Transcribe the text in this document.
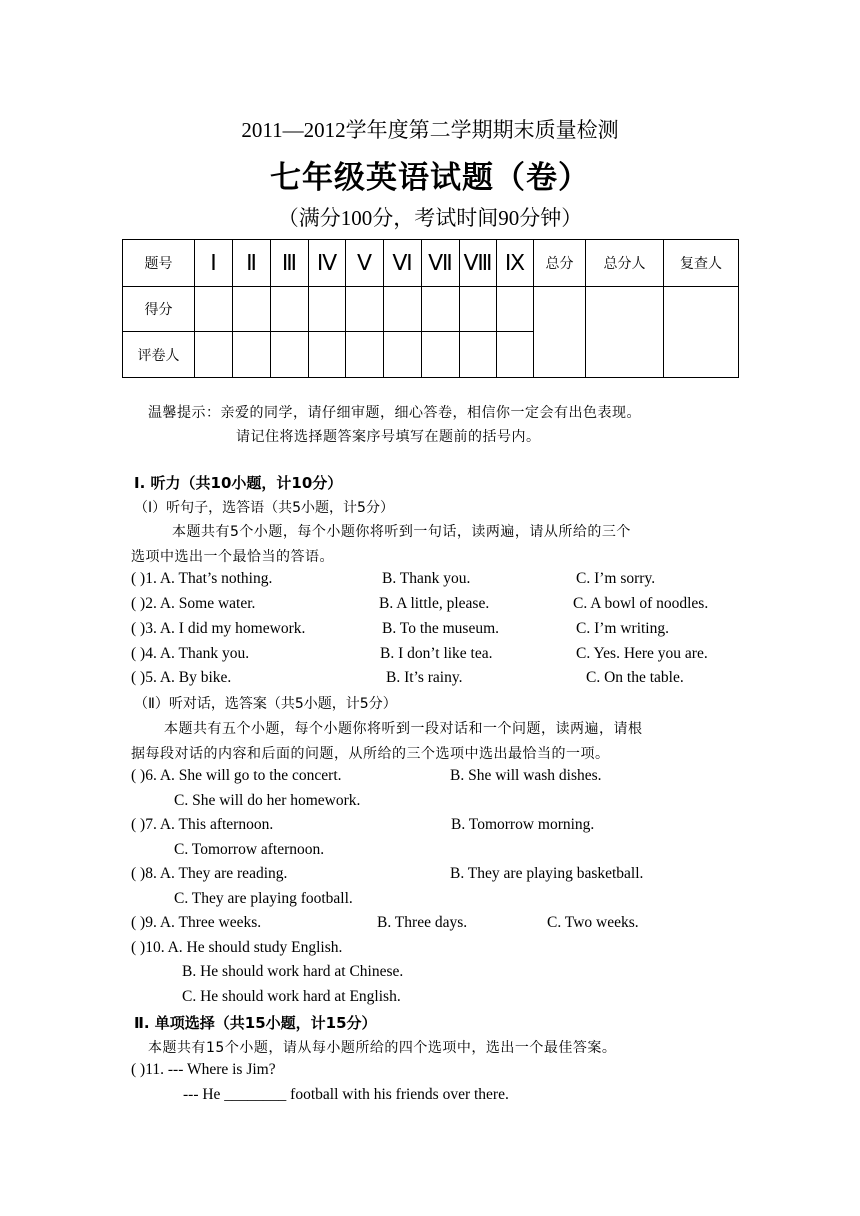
2011—2012学年度第二学期期末质量检测
七年级英语试题（卷）
（满分100分，考试时间90分钟）
题号	Ⅰ	Ⅱ	Ⅲ	Ⅳ	Ⅴ	Ⅵ	Ⅶ	Ⅷ	Ⅸ	总分	总分人	复查人
得分												
评卷人												
温馨提示：亲爱的同学，请仔细审题，细心答卷，相信你一定会有出色表现。
请记住将选择题答案序号填写在题前的括号内。
Ⅰ. 听力（共10小题，计10分）
（Ⅰ）听句子，选答语（共5小题，计5分）
本题共有5个小题，每个小题你将听到一句话，读两遍，请从所给的三个
选项中选出一个最恰当的答语。
( )1. A. That’s nothing.	B. Thank you.	C. I’m sorry.
( )2. A. Some water.	B. A little, please.	C. A bowl of noodles.
( )3. A. I did my homework.	B. To the museum.	C. I’m writing.
( )4. A. Thank you.	B. I don’t like tea.	C. Yes. Here you are.
( )5. A. By bike.	B. It’s rainy.	C. On the table.
（Ⅱ）听对话，选答案（共5小题，计5分）
本题共有五个小题，每个小题你将听到一段对话和一个问题，读两遍，请根
据每段对话的内容和后面的问题，从所给的三个选项中选出最恰当的一项。
( )6. A. She will go to the concert.	B. She will wash dishes.
C. She will do her homework.
( )7. A. This afternoon.	B. Tomorrow morning.
C. Tomorrow afternoon.
( )8. A. They are reading.	B. They are playing basketball.
C. They are playing football.
( )9. A. Three weeks.	B. Three days.	C. Two weeks.
( )10. A. He should study English.
B. He should work hard at Chinese.
C. He should work hard at English.
Ⅱ. 单项选择（共15小题，计15分）
本题共有15个小题，请从每小题所给的四个选项中，选出一个最佳答案。
( )11. --- Where is Jim?
--- He ________ football with his friends over there.
